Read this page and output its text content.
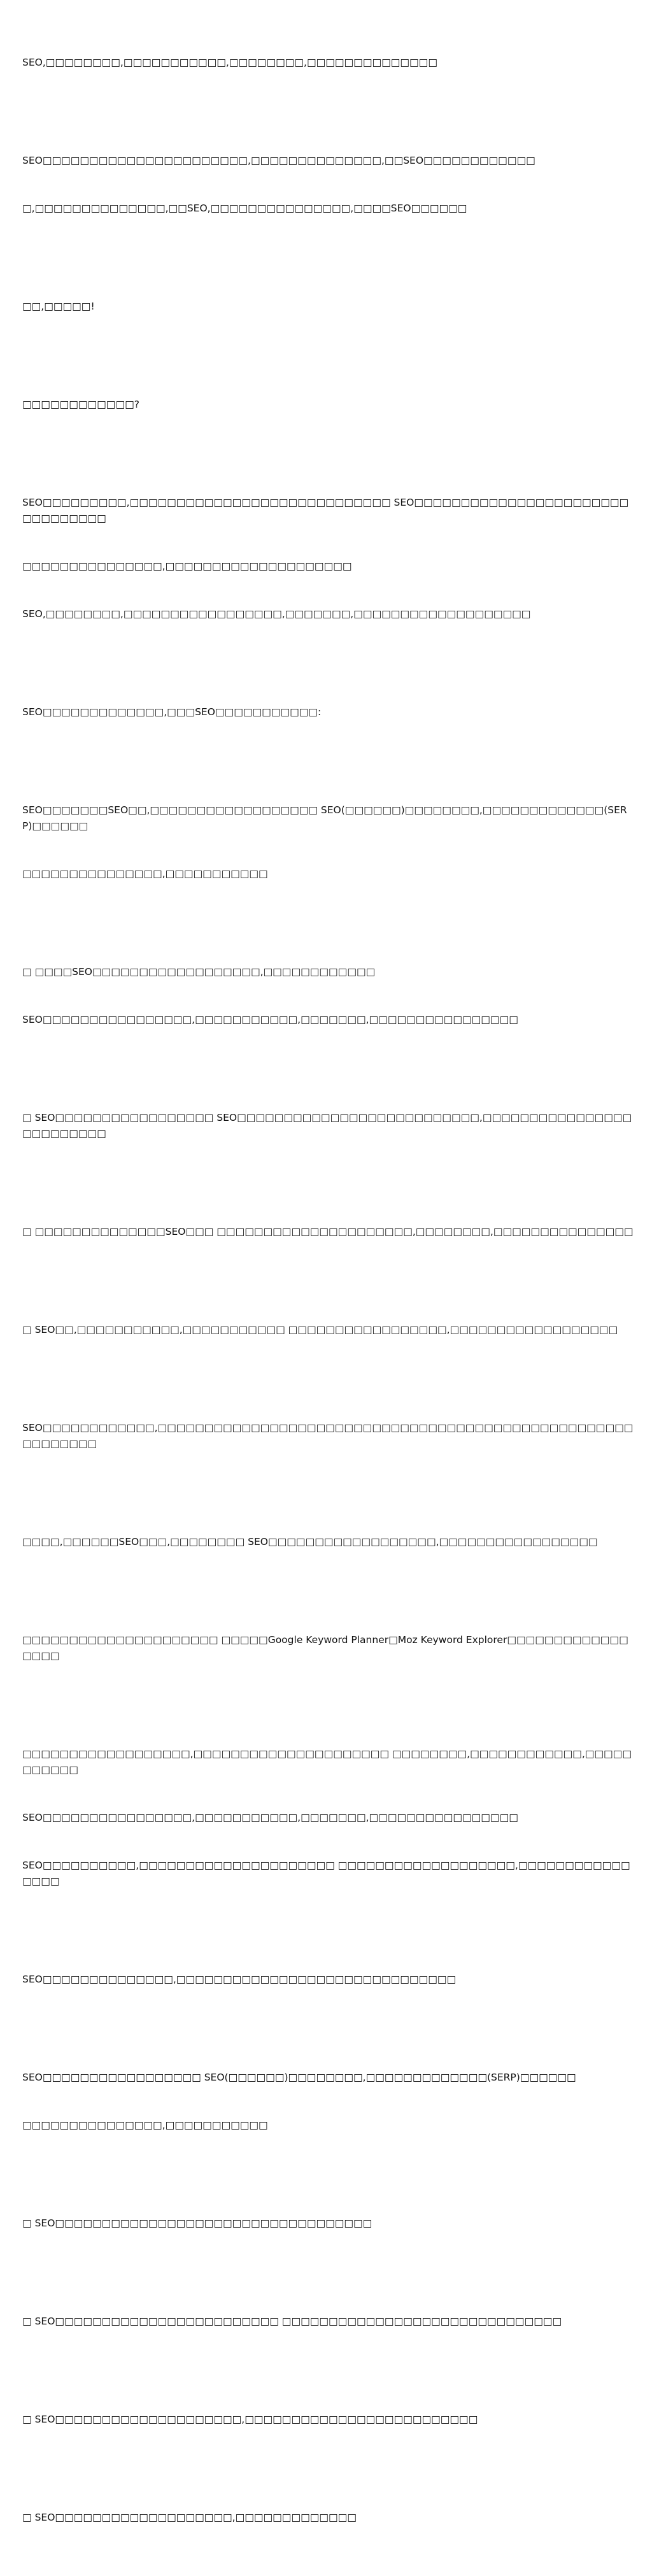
SEO,□□□□□□□□,□□□□□□□□□□□,□□□□□□□□,□□□□□□□□□□□□□□

SEO□□□□□□□□□□□□□□□□□□□□□□,□□□□□□□□□□□□□□,□□SEO□□□□□□□□□□□□

□,□□□□□□□□□□□□□□,□□SEO,□□□□□□□□□□□□□□□,□□□□SEO□□□□□□

□□,□□□□□!

□□□□□□□□□□□□?

SEO□□□□□□□□□,□□□□□□□□□□□□□□□□□□□□□□□□□□□□ SEO□□□□□□□□□□□□□□□□□□□□□□□□□□□□□□□□

□□□□□□□□□□□□□□□,□□□□□□□□□□□□□□□□□□□□

SEO,□□□□□□□□,□□□□□□□□□□□□□□□□□,□□□□□□□,□□□□□□□□□□□□□□□□□□□

SEO□□□□□□□□□□□□□,□□□SEO□□□□□□□□□□□:

SEO□□□□□□□SEO□□,□□□□□□□□□□□□□□□□□□ SEO(□□□□□□)□□□□□□□□,□□□□□□□□□□□□□(SERP)□□□□□□

□□□□□□□□□□□□□□□,□□□□□□□□□□□

□ □□□□SEO□□□□□□□□□□□□□□□□□□,□□□□□□□□□□□□

SEO□□□□□□□□□□□□□□□□,□□□□□□□□□□□,□□□□□□□,□□□□□□□□□□□□□□□□

□ SEO□□□□□□□□□□□□□□□□□ SEO□□□□□□□□□□□□□□□□□□□□□□□□□□,□□□□□□□□□□□□□□□□□□□□□□□□□

□ □□□□□□□□□□□□□□SEO□□□ □□□□□□□□□□□□□□□□□□□□□,□□□□□□□□,□□□□□□□□□□□□□□□

□ SEO□□,□□□□□□□□□□□,□□□□□□□□□□□ □□□□□□□□□□□□□□□□□,□□□□□□□□□□□□□□□□□□

SEO□□□□□□□□□□□□,□□□□□□□□□□□□□□□□□□□□□□□□□□□□□□□□□□□□□□□□□□□□□□□□□□□□□□□□□□□

□□□□,□□□□□□SEO□□□,□□□□□□□□ SEO□□□□□□□□□□□□□□□□□□,□□□□□□□□□□□□□□□□□

□□□□□□□□□□□□□□□□□□□□□ □□□□□Google Keyword Planner□Moz Keyword Explorer□□□□□□□□□□□□□□□□□

□□□□□□□□□□□□□□□□□□,□□□□□□□□□□□□□□□□□□□□□ □□□□□□□□,□□□□□□□□□□□□,□□□□□□□□□□□

SEO□□□□□□□□□□□□□□□□,□□□□□□□□□□□,□□□□□□□,□□□□□□□□□□□□□□□□

SEO□□□□□□□□□□,□□□□□□□□□□□□□□□□□□□□□ □□□□□□□□□□□□□□□□□□□,□□□□□□□□□□□□□□□□

SEO□□□□□□□□□□□□□□,□□□□□□□□□□□□□□□□□□□□□□□□□□□□□□

SEO□□□□□□□□□□□□□□□□□ SEO(□□□□□□)□□□□□□□□,□□□□□□□□□□□□□(SERP)□□□□□□

□□□□□□□□□□□□□□□,□□□□□□□□□□□

□ SEO□□□□□□□□□□□□□□□□□□□□□□□□□□□□□□□□□□

□ SEO□□□□□□□□□□□□□□□□□□□□□□□□ □□□□□□□□□□□□□□□□□□□□□□□□□□□□□□

□ SEO□□□□□□□□□□□□□□□□□□□□,□□□□□□□□□□□□□□□□□□□□□□□□□

□ SEO□□□□□□□□□□□□□□□□□□□,□□□□□□□□□□□□□
